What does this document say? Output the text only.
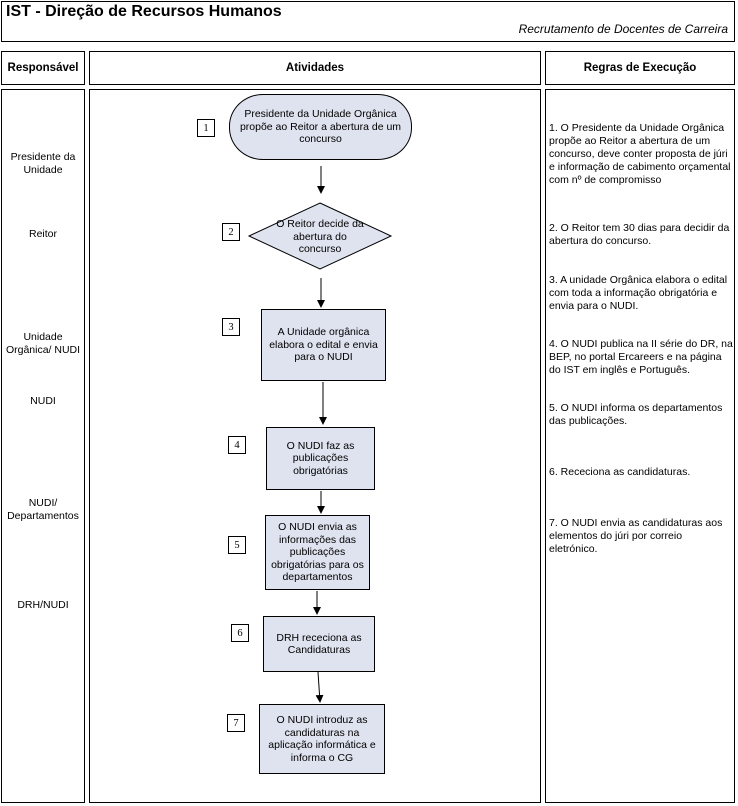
IST - Direção de Recursos Humanos
Recrutamento de Docentes de Carreira
Responsável	Atividades	Regras de Execução
Presidente da Unidade
Reitor
Unidade Orgânica/ NUDI
NUDI
NUDI/ Departamentos
DRH/NUDI
1
Presidente da Unidade Orgânica propõe ao Reitor a abertura de um concurso
2
O Reitor decide da abertura do concurso
3	A Unidade orgânica elabora o edital e envia para o NUDI
4	O NUDI faz as publicações obrigatórias
5
O NUDI envia as informações das publicações obrigatórias para os departamentos
6	DRH receciona as Candidaturas
7	O NUDI introduz as candidaturas na aplicação informática e informa o CG
1. O Presidente da Unidade Orgânica propõe ao Reitor a abertura de um concurso, deve conter proposta de júri e informação de cabimento orçamental com nº de compromisso
2. O Reitor tem 30 dias para decidir da abertura do concurso.
3. A unidade Orgânica elabora o edital com toda a informação obrigatória e envia para o NUDI.
4. O NUDI publica na II série do DR, na BEP, no portal Ercareers e na página do IST em inglês e Português.
5. O NUDI informa os departamentos das publicações.
6. Receciona as candidaturas.
7. O NUDI envia as candidaturas aos elementos do júri por correio eletrónico.
